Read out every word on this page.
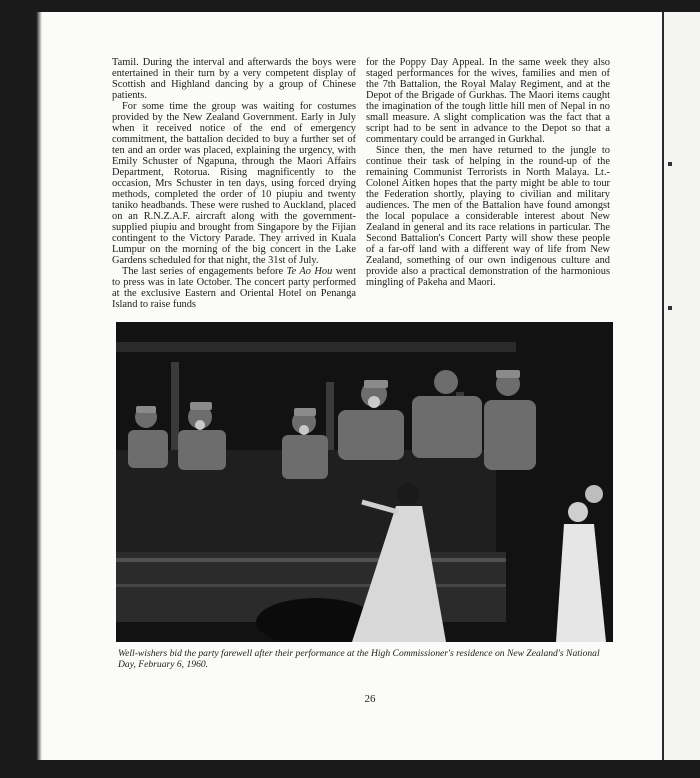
Tamil. During the interval and afterwards the boys were entertained in their turn by a very competent display of Scottish and Highland dancing by a group of Chinese patients.

For some time the group was waiting for costumes provided by the New Zealand Government. Early in July when it received notice of the end of emergency commitment, the battalion decided to buy a further set of ten and an order was placed, explaining the urgency, with Emily Schuster of Ngapuna, through the Maori Affairs Department, Rotorua. Rising magnificently to the occasion, Mrs Schuster in ten days, using forced drying methods, completed the order of 10 piupiu and twenty taniko headbands. These were rushed to Auckland, placed on an R.N.Z.A.F. aircraft along with the government-supplied piupiu and brought from Singapore by the Fijian contingent to the Victory Parade. They arrived in Kuala Lumpur on the morning of the big concert in the Lake Gardens scheduled for that night, the 31st of July.

The last series of engagements before Te Ao Hou went to press was in late October. The concert party performed at the exclusive Eastern and Oriental Hotel on Penanga Island to raise funds

for the Poppy Day Appeal. In the same week they also staged performances for the wives, families and men of the 7th Battalion, the Royal Malay Regiment, and at the Depot of the Brigade of Gurkhas. The Maori items caught the imagination of the tough little hill men of Nepal in no small measure. A slight complication was the fact that a script had to be sent in advance to the Depot so that a commentary could be arranged in Gurkhal.

Since then, the men have returned to the jungle to continue their task of helping in the round-up of the remaining Communist Terrorists in North Malaya. Lt.-Colonel Aitken hopes that the party might be able to tour the Federation shortly, playing to civilian and military audiences. The men of the Battalion have found amongst the local populace a considerable interest about New Zealand in general and its race relations in particular. The Second Battalion's Concert Party will show these people of a far-off land with a different way of life from New Zealand, something of our own indigenous culture and provide also a practical demonstration of the harmonious mingling of Pakeha and Maori.

Well-wishers bid the party farewell after their performance at the High Commissioner's residence on New Zealand's National Day, February 6, 1960.

26
